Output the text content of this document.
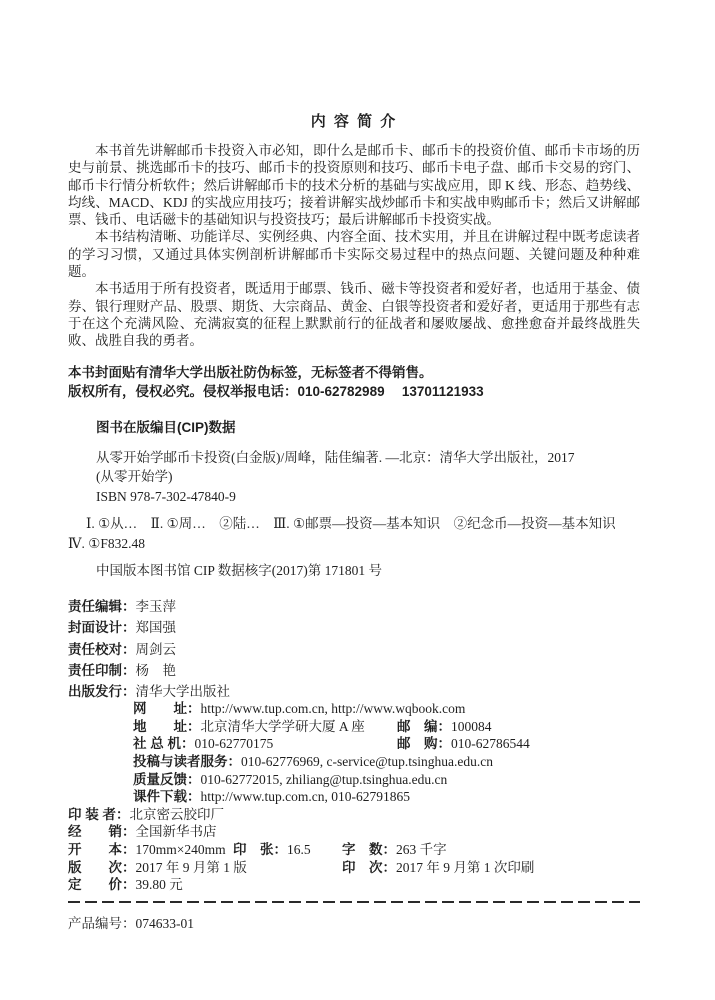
内 容 简 介

本书首先讲解邮币卡投资入市必知，即什么是邮币卡、邮币卡的投资价值、邮币卡市场的历史与前景、挑选邮币卡的技巧、邮币卡的投资原则和技巧、邮币卡电子盘、邮币卡交易的窍门、邮币卡行情分析软件；然后讲解邮币卡的技术分析的基础与实战应用，即 K 线、形态、趋势线、均线、MACD、KDJ 的实战应用技巧；接着讲解实战炒邮币卡和实战申购邮币卡；然后又讲解邮票、钱币、电话磁卡的基础知识与投资技巧；最后讲解邮币卡投资实战。

本书结构清晰、功能详尽、实例经典、内容全面、技术实用，并且在讲解过程中既考虑读者的学习习惯，又通过具体实例剖析讲解邮币卡实际交易过程中的热点问题、关键问题及种种难题。

本书适用于所有投资者，既适用于邮票、钱币、磁卡等投资者和爱好者，也适用于基金、债券、银行理财产品、股票、期货、大宗商品、黄金、白银等投资者和爱好者，更适用于那些有志于在这个充满风险、充满寂寞的征程上默默前行的征战者和屡败屡战、愈挫愈奋并最终战胜失败、战胜自我的勇者。

本书封面贴有清华大学出版社防伪标签，无标签者不得销售。
版权所有，侵权必究。侵权举报电话：010-62782989　 13701121933
图书在版编目(CIP)数据
从零开始学邮币卡投资(白金版)/周峰，陆佳编著. —北京：清华大学出版社，2017
(从零开始学)
ISBN 978-7-302-47840-9
Ⅰ. ①从…　Ⅱ. ①周…　②陆…　Ⅲ. ①邮票—投资—基本知识　②纪念币—投资—基本知识
Ⅳ. ①F832.48
中国版本图书馆 CIP 数据核字(2017)第 171801 号
责任编辑：李玉萍
封面设计：郑国强
责任校对：周剑云
责任印制：杨　艳
出版发行：清华大学出版社
网　　址：http://www.tup.com.cn, http://www.wqbook.com
地　　址：北京清华大学学研大厦 A 座 邮　编：100084
社 总 机：010-62770175	邮　购：010-62786544
投稿与读者服务：010-62776969, c-service@tup.tsinghua.edu.cn
质量反馈：010-62772015, zhiliang@tup.tsinghua.edu.cn
课件下载：http://www.tup.com.cn, 010-62791865
印 装 者：北京密云胶印厂
经　　销：全国新华书店
开　　本：170mm×240mm 印　张：16.5 字　数：263 千字
版　　次：2017 年 9 月第 1 版	印　次：2017 年 9 月第 1 次印刷
定　　价：39.80 元
产品编号：074633-01
